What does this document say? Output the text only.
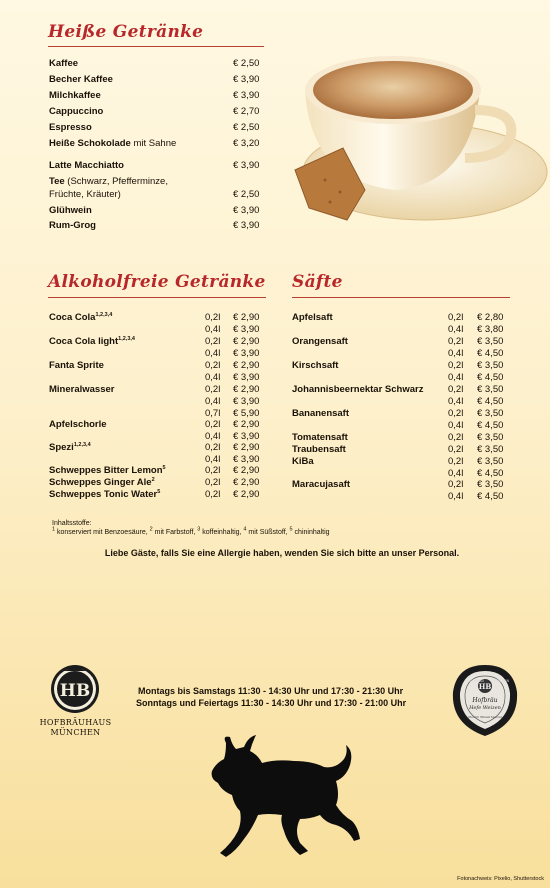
Heiße Getränke
Alkoholfreie Getränke Säfte
Inhaltsstoffe:
$^1$ konserviert mit Benzoesäure, $^2$ mit Farbstoff, $^3$ koffeinhaltig, $^4$ mit Süßstoff, $^5$ chininhaltig
Liebe Gäste, falls Sie eine Allergie haben, wenden Sie sich bitte an unser Personal.
HB
HOFBRÄUHAUS
MÜNCHEN
Montags bis Samstags 11:30 - 14:30 Uhr und 17:30 - 21:30 Uhr
Sonntags und Feiertags 11:30 - 14:30 Uhr und 17:30 - 21:00 Uhr
HB
Hofbräu
Hefe Weizen
HOFBRÄU MÜNCHEN
Munich Wheat Special
Fotonachweis: Pixelio, Shutterstock
Kaffee	€ 2,50
Becher Kaffee	€ 3,90
Milchkaffee	€ 3,90
Cappuccino	€ 2,70
Espresso	€ 2,50
Heiße Schokolade mit Sahne	€ 3,20
Latte Macchiatto	€ 3,90
Tee (Schwarz, Pfefferminze,
Früchte, Kräuter)	€ 2,50
Glühwein	€ 3,90
Rum-Grog	€ 3,90
Coca Cola$^{1,2,3,4}$	0,2l € 2,90
0,4l € 3,90
Coca Cola light$^{1,2,3,4}$	0,2l € 2,90
0,4l € 3,90
Fanta Sprite	0,2l € 2,90
0,4l € 3,90
Mineralwasser	0,2l € 2,90
0,4l € 3,90
0,7l € 5,90
Apfelschorle	0,2l € 2,90
0,4l € 3,90
Spezi$^{1,2,3,4}$	0,2l € 2,90
0,4l € 3,90
Schweppes Bitter Lemon$^5$	0,2l € 2,90
Schweppes Ginger Ale$^2$	0,2l € 2,90
Schweppes Tonic Water$^5$	0,2l € 2,90
Apfelsaft	0,2l € 2,80
0,4l € 3,80
Orangensaft	0,2l € 3,50
0,4l € 4,50
Kirschsaft	0,2l € 3,50
0,4l € 4,50
Johannisbeernektar Schwarz	0,2l € 3,50
0,4l € 4,50
Bananensaft	0,2l € 3,50
0,4l € 4,50
Tomatensaft	0,2l € 3,50
Traubensaft	0,2l € 3,50
KiBa	0,2l € 3,50
0,4l € 4,50
Maracujasaft	0,2l € 3,50
0,4l € 4,50
